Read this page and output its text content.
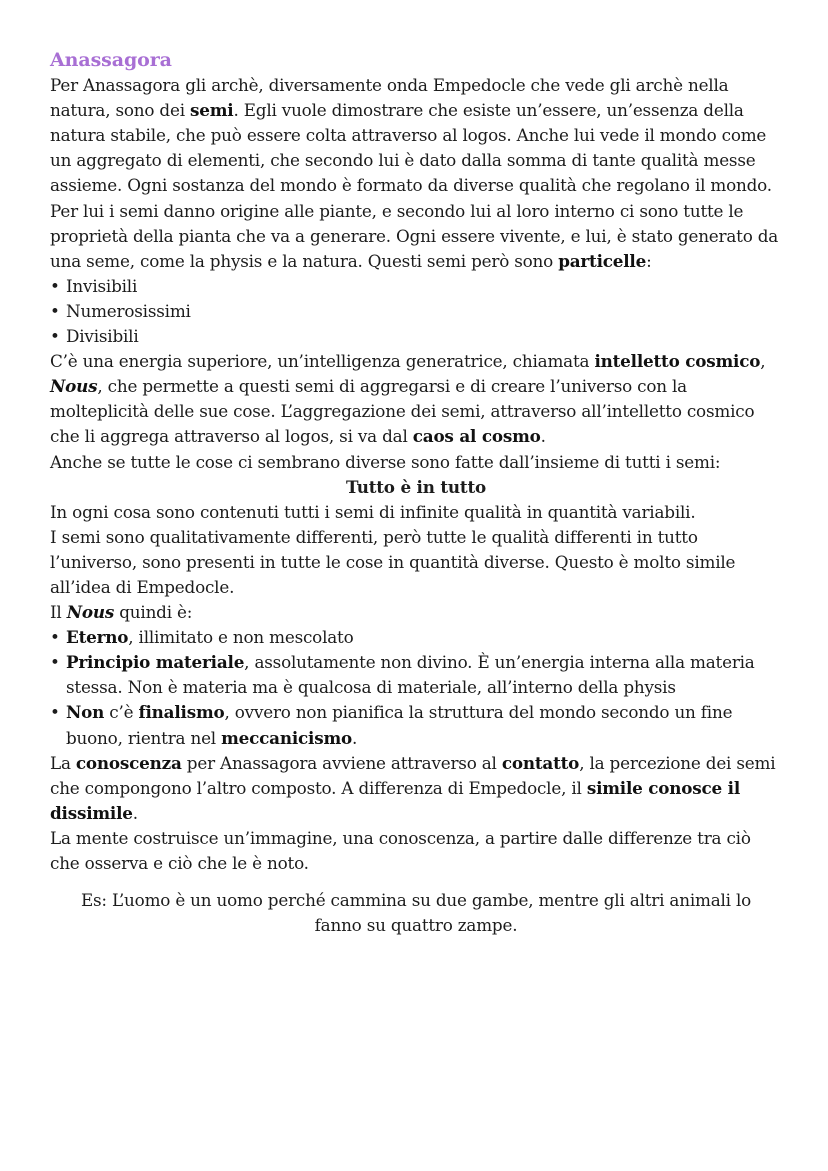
Anassagora

Per Anassagora gli archè, diversamente onda Empedocle che vede gli archè nella natura, sono dei semi. Egli vuole dimostrare che esiste un’essere, un’essenza della natura stabile, che può essere colta attraverso al logos. Anche lui vede il mondo come un aggregato di elementi, che secondo lui è dato dalla somma di tante qualità messe assieme. Ogni sostanza del mondo è formato da diverse qualità che regolano il mondo.

Per lui i semi danno origine alle piante, e secondo lui al loro interno ci sono tutte le proprietà della pianta che va a generare. Ogni essere vivente, e lui, è stato generato da una seme, come la physis e la natura. Questi semi però sono particelle:

• Invisibili
• Numerosissimi
• Divisibili

C’è una energia superiore, un’intelligenza generatrice, chiamata intelletto cosmico, Nous, che permette a questi semi di aggregarsi e di creare l’universo con la molteplicità delle sue cose. L’aggregazione dei semi, attraverso all’intelletto cosmico che li aggrega attraverso al logos, si va dal caos al cosmo.

Anche se tutte le cose ci sembrano diverse sono fatte dall’insieme di tutti i semi:

Tutto è in tutto

In ogni cosa sono contenuti tutti i semi di infinite qualità in quantità variabili.

I semi sono qualitativamente differenti, però tutte le qualità differenti in tutto l’universo, sono presenti in tutte le cose in quantità diverse. Questo è molto simile all’idea di Empedocle.

Il Nous quindi è:

• Eterno, illimitato e non mescolato
• Principio materiale, assolutamente non divino. È un’energia interna alla materia stessa. Non è materia ma è qualcosa di materiale, all’interno della physis
• Non c’è finalismo, ovvero non pianifica la struttura del mondo secondo un fine buono, rientra nel meccanicismo.

La conoscenza per Anassagora avviene attraverso al contatto, la percezione dei semi che compongono l’altro composto. A differenza di Empedocle, il simile conosce il dissimile.

La mente costruisce un’immagine, una conoscenza, a partire dalle differenze tra ciò che osserva e ciò che le è noto.

Es: L’uomo è un uomo perché cammina su due gambe, mentre gli altri animali lo fanno su quattro zampe.
